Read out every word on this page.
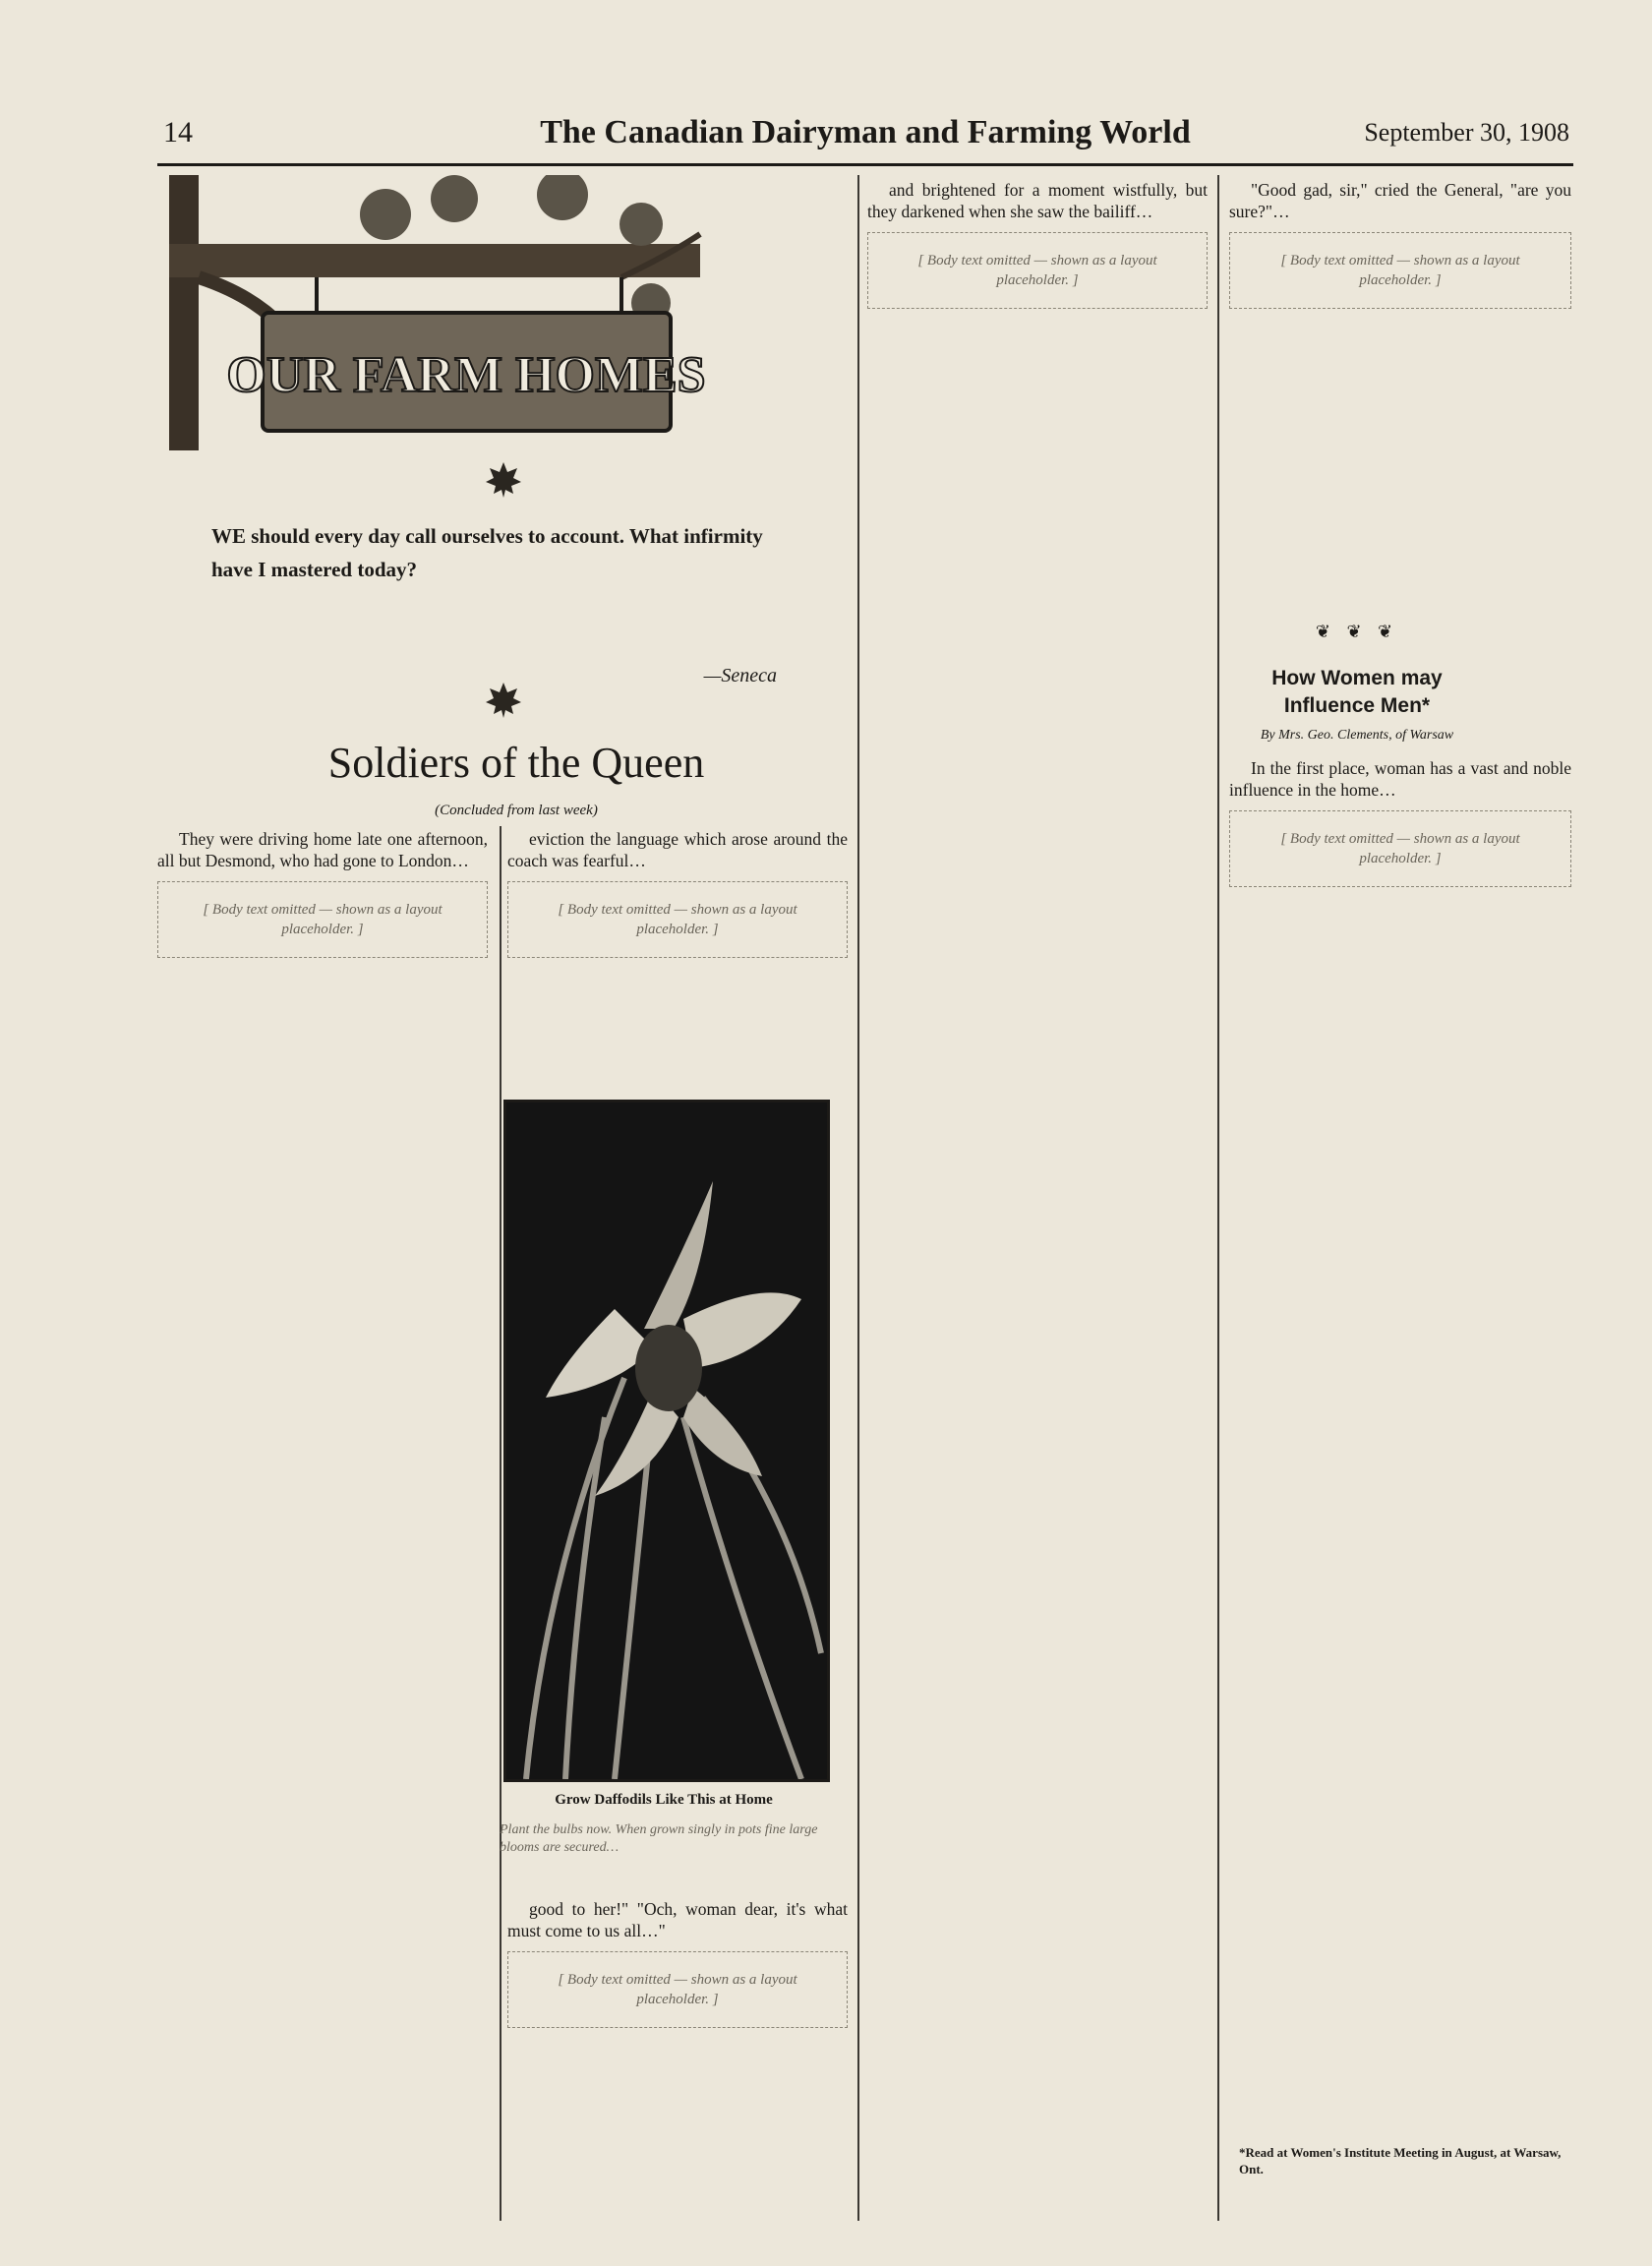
14	The Canadian Dairyman and Farming World	September 30, 1908
OUR FARM HOMES
WE should every day call ourselves to account. What infirmity have I mastered today?
—Seneca
Soldiers of the Queen
(Concluded from last week)

They were driving home late one afternoon, all but Desmond, who had gone to London…

[ Body text omitted — shown as a layout placeholder. ]

eviction the language which arose around the coach was fearful…

[ Body text omitted — shown as a layout placeholder. ]

Grow Daffodils Like This at Home
Plant the bulbs now. When grown singly in pots fine large blooms are secured…

good to her!" "Och, woman dear, it's what must come to us all…"

[ Body text omitted — shown as a layout placeholder. ]

and brightened for a moment wistfully, but they darkened when she saw the bailiff…

[ Body text omitted — shown as a layout placeholder. ]

"Good gad, sir," cried the General, "are you sure?"…

[ Body text omitted — shown as a layout placeholder. ]

❦ ❦ ❦
How Women may Influence Men*
By Mrs. Geo. Clements, of Warsaw

In the first place, woman has a vast and noble influence in the home…

[ Body text omitted — shown as a layout placeholder. ]

*Read at Women's Institute Meeting in August, at Warsaw, Ont.
